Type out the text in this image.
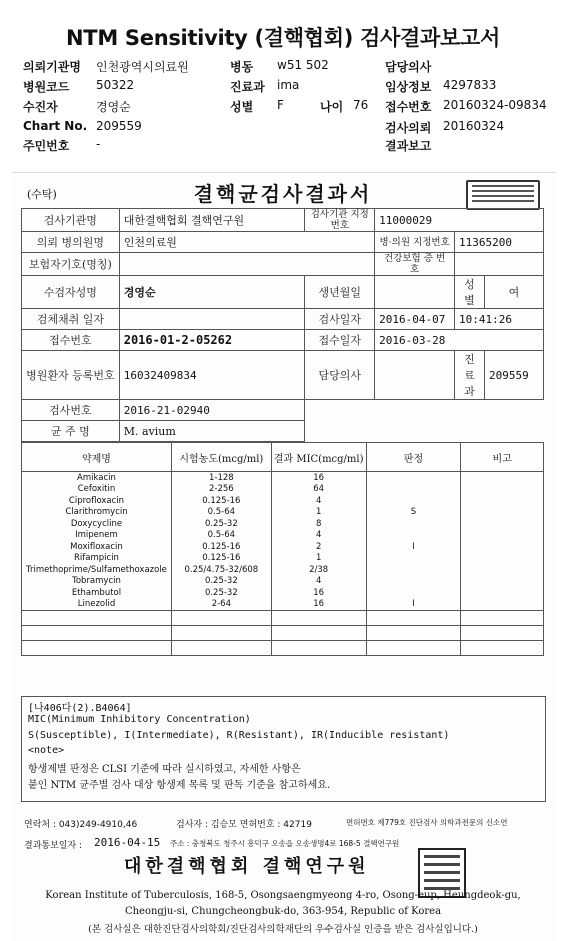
NTM Sensitivity (결핵협회) 검사결과보고서
의뢰기관명 인천광역시의료원	병동 w51 502	담당의사
병원코드 50322	진료과 ima	임상정보 4297833
수진자	경영순	성별 F	나이 76 접수번호 20160324-09834
Chart No. 209559	검사의뢰 20160324
주민번호 -	결과보고
(수탁)	결핵균검사결과서
검사기관명	대한결핵협회 결핵연구원	검사기관 지정번호	11000029		
의뢰 병의원명	인천의료원		병·의원 지정번호	11365200	
보험자기호(명칭)			건강보험 증 번 호		
수검자성명	경영순	생년월일		성별	여
검체채취 일자		검사일자	2016-04-07	10:41:26	
접수번호	2016-01-2-05262	접수일자	2016-03-28		
병원환자 등록번호	16032409834	담당의사		진료과	209559
검사번호	2016-21-02940				
균 주 명	M. avium				
약제명	시험농도(mcg/ml)	결과 MIC(mcg/ml)	판정	비고
Amikacin	1-128	16		
Cefoxitin	2-256	64		
Ciprofloxacin	0.125-16	4		
Clarithromycin	0.5-64	1	S	
Doxycycline	0.25-32	8		
Imipenem	0.5-64	4		
Moxifloxacin	0.125-16	2	I	
Rifampicin	0.125-16	1		
Trimethoprime/Sulfamethoxazole	0.25/4.75-32/608	2/38		
Tobramycin	0.25-32	4		
Ethambutol	0.25-32	16		
Linezolid	2-64	16	I	

[나406다(2).B4064]
MIC(Minimum Inhibitory Concentration)
S(Susceptible), I(Intermediate), R(Resistant), IR(Inducible resistant)
<note>
항생제별 판정은 CLSI 기준에 따라 실시하였고, 자세한 사항은
붙인 NTM 균주별 검사 대상 항생제 목록 및 판독 기준을 참고하세요.
연락처 : 043)249-4910,46	검사자 : 김승모 면허번호 : 42719	면허번호 제779호 진단검사 의학과전문의 신소연
결과통보일자 : 2016-04-15 주소 : 충청북도 청주시 흥덕구 오송읍 오송생명4로 168-5 결핵연구원
대한결핵협회 결핵연구원
Korean Institute of Tuberculosis, 168-5, Osongsaengmyeong 4-ro, Osong-eup, Heungdeok-gu,
Cheongju-si, Chungcheongbuk-do, 363-954, Republic of Korea
(본 검사실은 대한진단검사의학회/진단검사의학재단의 우수검사실 인증을 받은 검사실입니다.)
